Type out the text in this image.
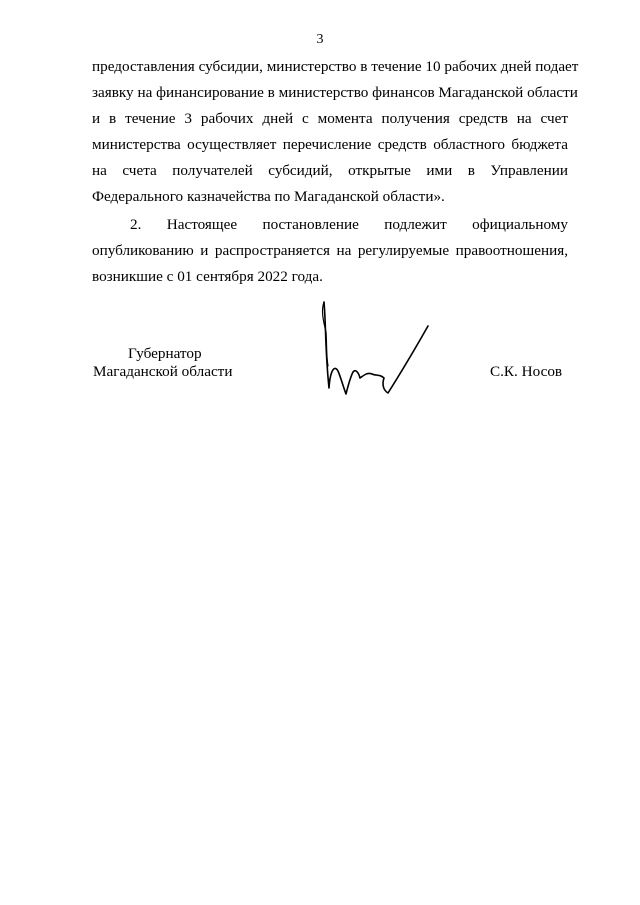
3
предоставления субсидии, министерство в течение 10 рабочих дней подает
заявку на финансирование в министерство финансов Магаданской области
и в течение 3 рабочих дней с момента получения средств на счет
министерства осуществляет перечисление средств областного бюджета
на счета получателей субсидий, открытые ими в Управлении
Федерального казначейства по Магаданской области».
2. Настоящее постановление подлежит официальному
опубликованию и распространяется на регулируемые правоотношения,
возникшие с 01 сентября 2022 года.
Губернатор
Магаданской области	С.К. Носов
